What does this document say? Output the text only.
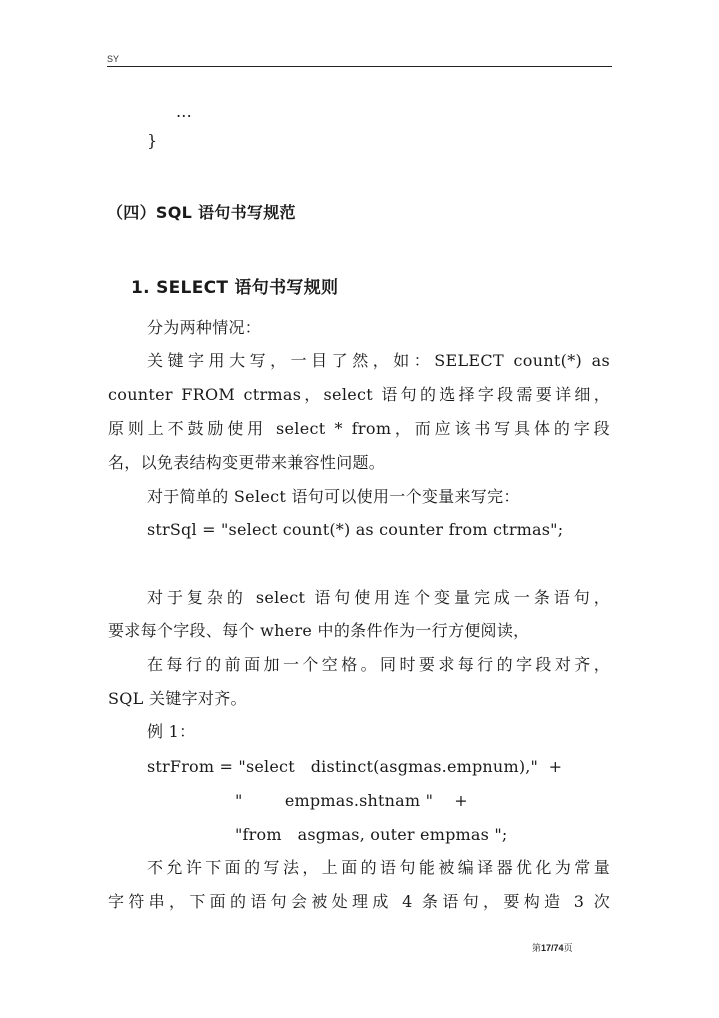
SY
...
}
（四）SQL 语句书写规范
1. SELECT 语句书写规则
分为两种情况：
关键字用大写，一目了然，如：SELECT count(*) as
counter FROM ctrmas，select 语句的选择字段需要详细，
原则上不鼓励使用 select * from，而应该书写具体的字段
名，以免表结构变更带来兼容性问题。
对于简单的 Select 语句可以使用一个变量来写完：
strSql = "select count(*) as counter from ctrmas";
对于复杂的 select 语句使用连个变量完成一条语句，
要求每个字段、每个 where 中的条件作为一行方便阅读，
在每行的前面加一个空格。同时要求每行的字段对齐，
SQL 关键字对齐。
例 1：
strFrom = "select   distinct(asgmas.empnum),"  +
"        empmas.shtnam "    +
"from   asgmas, outer empmas ";
不允许下面的写法，上面的语句能被编译器优化为常量
字符串，下面的语句会被处理成 4 条语句，要构造 3 次
第17/74页
